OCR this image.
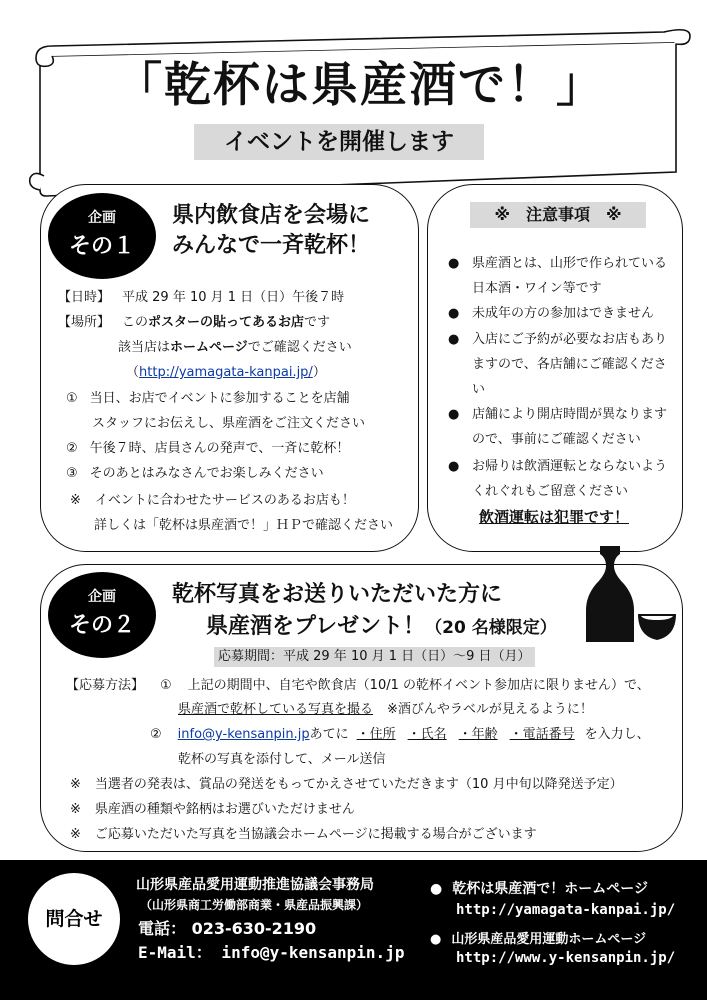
「乾杯は県産酒で！」
イベントを開催します
企画
その１
県内飲食店を会場に
みんなで一斉乾杯！
【日時】 平成 29 年 10 月 1 日（日）午後７時
【場所】 このポスターの貼ってあるお店です
該当店はホームページでご確認ください
（http://yamagata-kanpai.jp/）
① 当日、お店でイベントに参加することを店舗
スタッフにお伝えし、県産酒をご注文ください
② 午後７時、店員さんの発声で、一斉に乾杯！
③ そのあとはみなさんでお楽しみください
※ イベントに合わせたサービスのあるお店も！
詳しくは「乾杯は県産酒で！」ＨＰで確認ください
※　注意事項　※
● 県産酒とは、山形で作られている日本酒・ワイン等です
● 未成年の方の参加はできません
● 入店にご予約が必要なお店もありますので、各店舗にご確認ください
● 店舗により開店時間が異なりますので、事前にご確認ください
● お帰りは飲酒運転とならないようくれぐれもご留意ください
飲酒運転は犯罪です！
企画
その２
乾杯写真をお送りいただいた方に
県産酒をプレゼント！（20 名様限定）
応募期間：平成 29 年 10 月 1 日（日）～9 日（月）
【応募方法】 ① 上記の期間中、自宅や飲食店（10/1 の乾杯イベント参加店に限りません）で、
県産酒で乾杯している写真を撮る ※酒びんやラベルが見えるように！
② info@y-kensanpin.jpあてに ・住所 ・氏名 ・年齢 ・電話番号 を入力し、
乾杯の写真を添付して、メール送信
※ 当選者の発表は、賞品の発送をもってかえさせていただきます（10 月中旬以降発送予定）
※ 県産酒の種類や銘柄はお選びいただけません
※ ご応募いただいた写真を当協議会ホームページに掲載する場合がございます
問合せ
山形県産品愛用運動推進協議会事務局
（山形県商工労働部商業・県産品振興課）
電話： 023-630-2190
E-Mail： info@y-kensanpin.jp
● 乾杯は県産酒で！ホームページ
http://yamagata-kanpai.jp/
● 山形県産品愛用運動ホームページ
http://www.y-kensanpin.jp/
